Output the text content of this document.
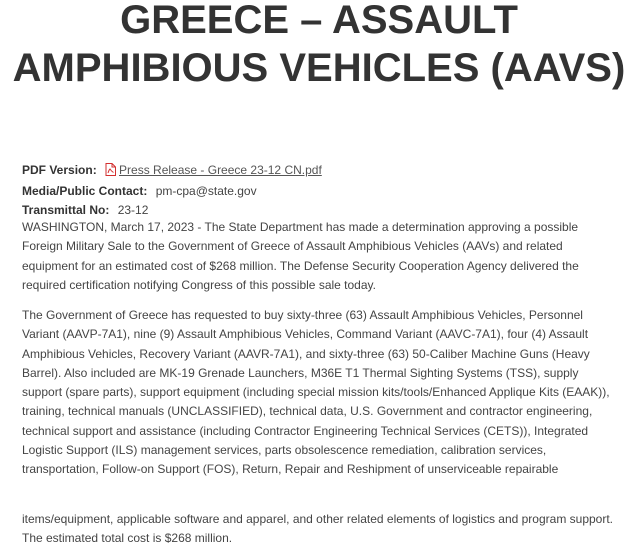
GREECE – ASSAULT AMPHIBIOUS VEHICLES (AAVS)
PDF Version: Press Release - Greece 23-12 CN.pdf
Media/Public Contact: pm-cpa@state.gov
Transmittal No: 23-12

WASHINGTON, March 17, 2023 - The State Department has made a determination approving a possible Foreign Military Sale to the Government of Greece of Assault Amphibious Vehicles (AAVs) and related equipment for an estimated cost of $268 million. The Defense Security Cooperation Agency delivered the required certification notifying Congress of this possible sale today.

The Government of Greece has requested to buy sixty-three (63) Assault Amphibious Vehicles, Personnel Variant (AAVP-7A1), nine (9) Assault Amphibious Vehicles, Command Variant (AAVC-7A1), four (4) Assault Amphibious Vehicles, Recovery Variant (AAVR-7A1), and sixty-three (63) 50-Caliber Machine Guns (Heavy Barrel). Also included are MK-19 Grenade Launchers, M36E T1 Thermal Sighting Systems (TSS), supply support (spare parts), support equipment (including special mission kits/tools/Enhanced Applique Kits (EAAK)), training, technical manuals (UNCLASSIFIED), technical data, U.S. Government and contractor engineering, technical support and assistance (including Contractor Engineering Technical Services (CETS)), Integrated Logistic Support (ILS) management services, parts obsolescence remediation, calibration services, transportation, Follow-on Support (FOS), Return, Repair and Reshipment of unserviceable repairable

items/equipment, applicable software and apparel, and other related elements of logistics and program support. The estimated total cost is $268 million.
